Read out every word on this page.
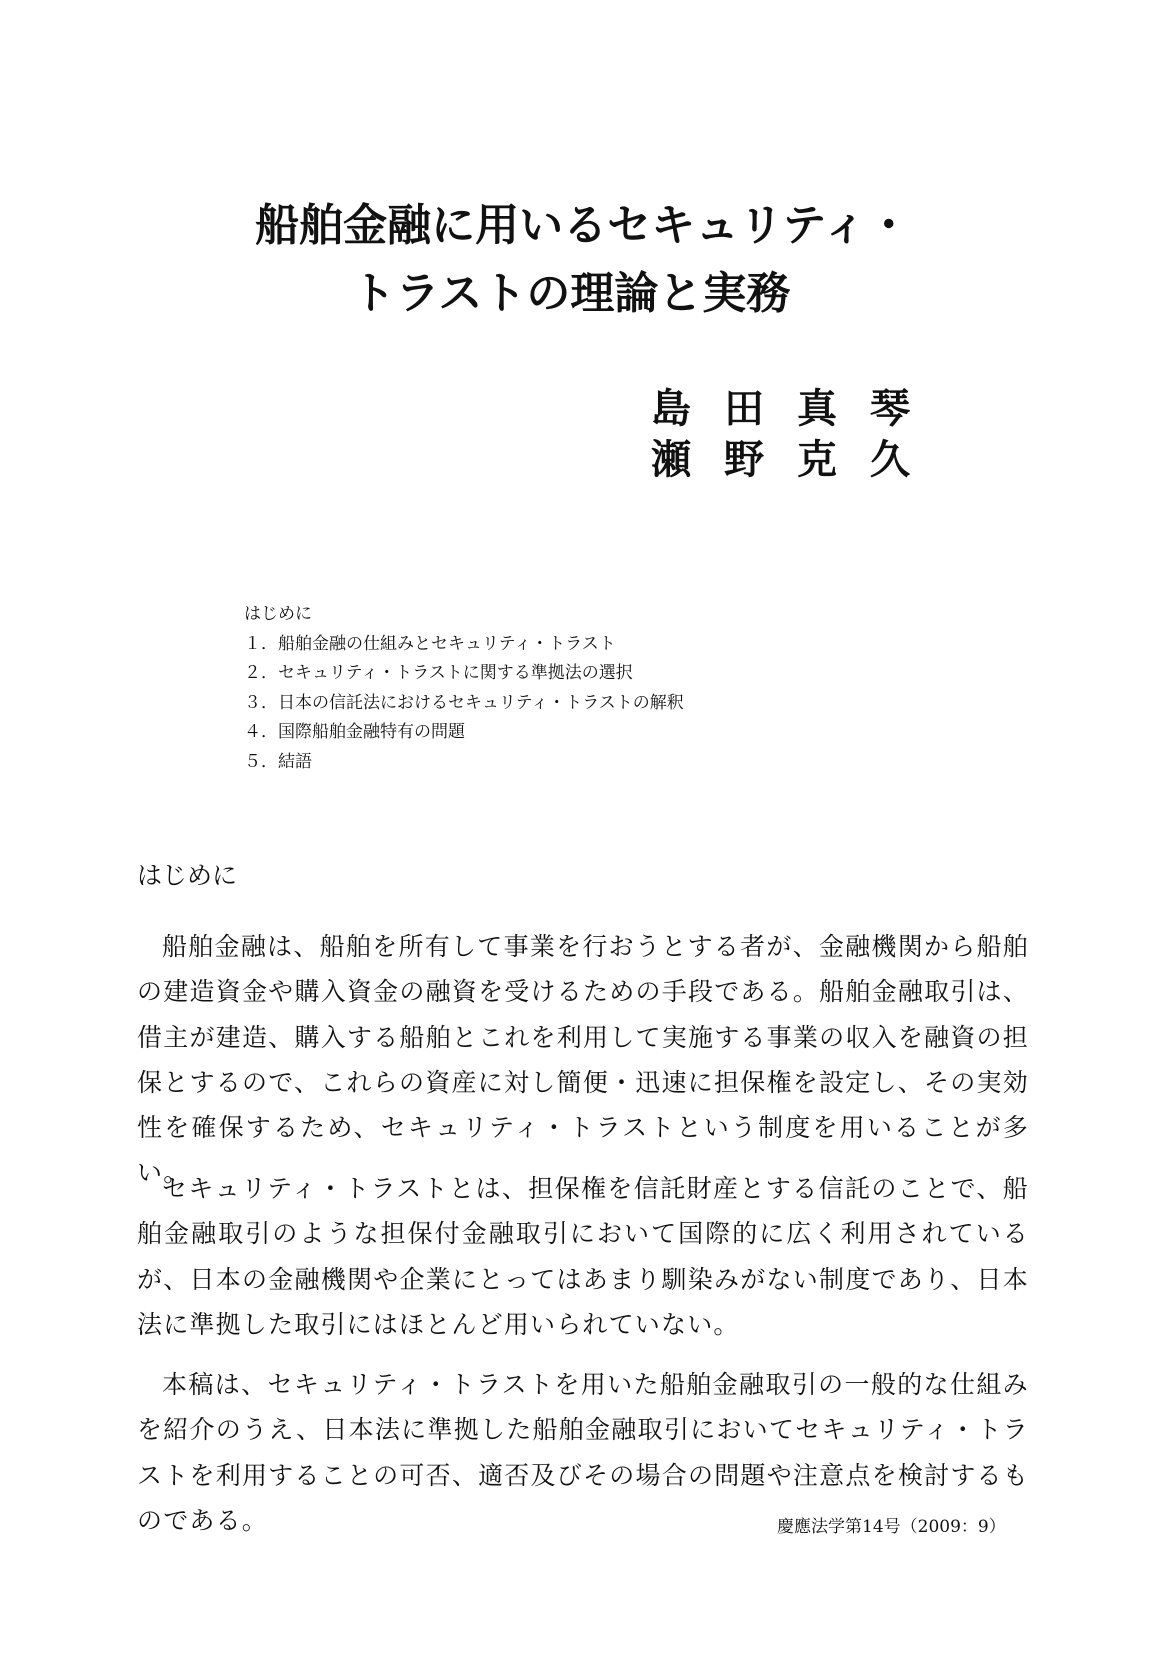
船舶金融に用いるセキュリティ・
トラストの理論と実務
島 田 真 琴
瀬 野 克 久
はじめに
１．船舶金融の仕組みとセキュリティ・トラスト
２．セキュリティ・トラストに関する準拠法の選択
３．日本の信託法におけるセキュリティ・トラストの解釈
４．国際船舶金融特有の問題
５．結語
はじめに

船舶金融は、船舶を所有して事業を行おうとする者が、金融機関から船舶の建造資金や購入資金の融資を受けるための手段である。船舶金融取引は、借主が建造、購入する船舶とこれを利用して実施する事業の収入を融資の担保とするので、これらの資産に対し簡便・迅速に担保権を設定し、その実効性を確保するため、セキュリティ・トラストという制度を用いることが多い。

セキュリティ・トラストとは、担保権を信託財産とする信託のことで、船舶金融取引のような担保付金融取引において国際的に広く利用されているが、日本の金融機関や企業にとってはあまり馴染みがない制度であり、日本法に準拠した取引にはほとんど用いられていない。

本稿は、セキュリティ・トラストを用いた船舶金融取引の一般的な仕組みを紹介のうえ、日本法に準拠した船舶金融取引においてセキュリティ・トラストを利用することの可否、適否及びその場合の問題や注意点を検討するものである。	慶應法学第14号（2009：9）
